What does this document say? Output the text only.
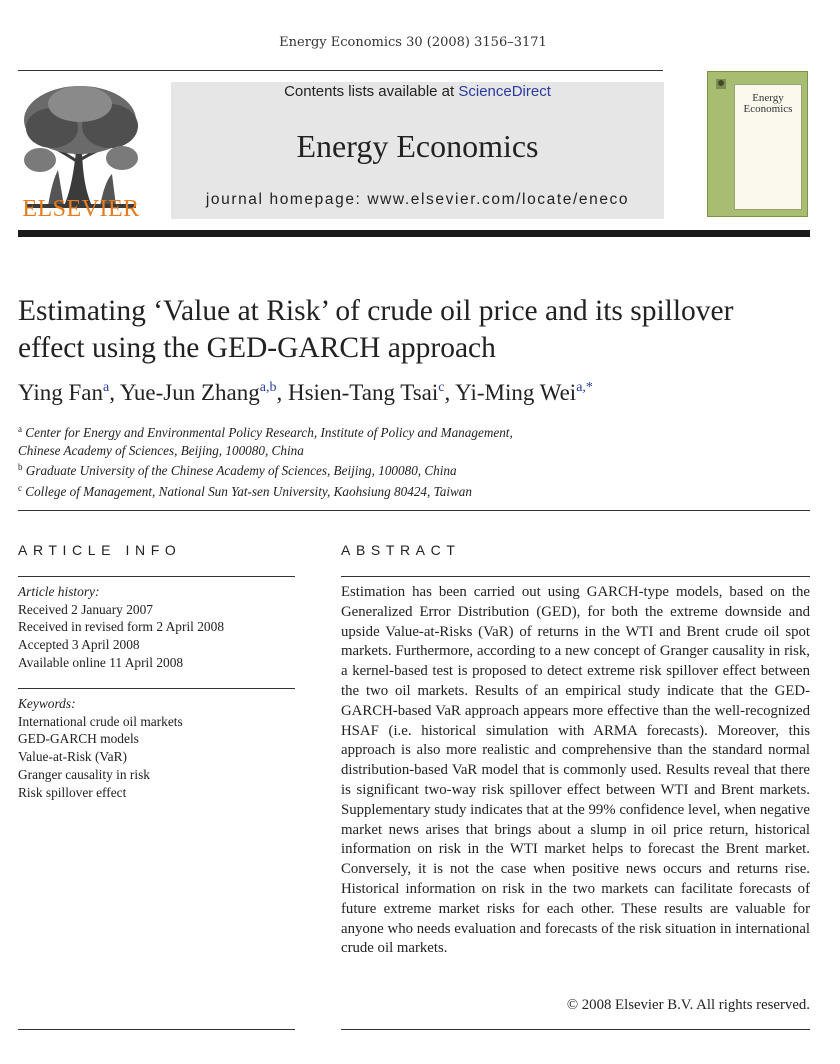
Energy Economics 30 (2008) 3156–3171
ELSEVIER
Contents lists available at ScienceDirect
Energy Economics
journal homepage: www.elsevier.com/locate/eneco
Energy
Economics
Estimating ‘Value at Risk’ of crude oil price and its spillover
effect using the GED-GARCH approach
Ying Fan$^a$, Yue-Jun Zhang$^{a,b}$, Hsien-Tang Tsai$^c$, Yi-Ming Wei$^{a,*}$
$^a$ Center for Energy and Environmental Policy Research, Institute of Policy and Management,
Chinese Academy of Sciences, Beijing, 100080, China
$^b$ Graduate University of the Chinese Academy of Sciences, Beijing, 100080, China
$^c$ College of Management, National Sun Yat-sen University, Kaohsiung 80424, Taiwan
ARTICLE INFO
Article history:
Received 2 January 2007
Received in revised form 2 April 2008
Accepted 3 April 2008
Available online 11 April 2008
Keywords:
International crude oil markets
GED-GARCH models
Value-at-Risk (VaR)
Granger causality in risk
Risk spillover effect
ABSTRACT

Estimation has been carried out using GARCH-type models, based on the Generalized Error Distribution (GED), for both the extreme downside and upside Value-at-Risks (VaR) of returns in the WTI and Brent crude oil spot markets. Furthermore, according to a new concept of Granger causality in risk, a kernel-based test is proposed to detect extreme risk spillover effect between the two oil markets. Results of an empirical study indicate that the GED-GARCH-based VaR approach appears more effective than the well-recognized HSAF (i.e. historical simulation with ARMA forecasts). Moreover, this approach is also more realistic and comprehensive than the standard normal distribution-based VaR model that is commonly used. Results reveal that there is significant two-way risk spillover effect between WTI and Brent markets. Supplementary study indicates that at the 99% confidence level, when negative market news arises that brings about a slump in oil price return, historical information on risk in the WTI market helps to forecast the Brent market. Conversely, it is not the case when positive news occurs and returns rise. Historical information on risk in the two markets can facilitate forecasts of future extreme market risks for each other. These results are valuable for anyone who needs evaluation and forecasts of the risk situation in international crude oil markets.

© 2008 Elsevier B.V. All rights reserved.
